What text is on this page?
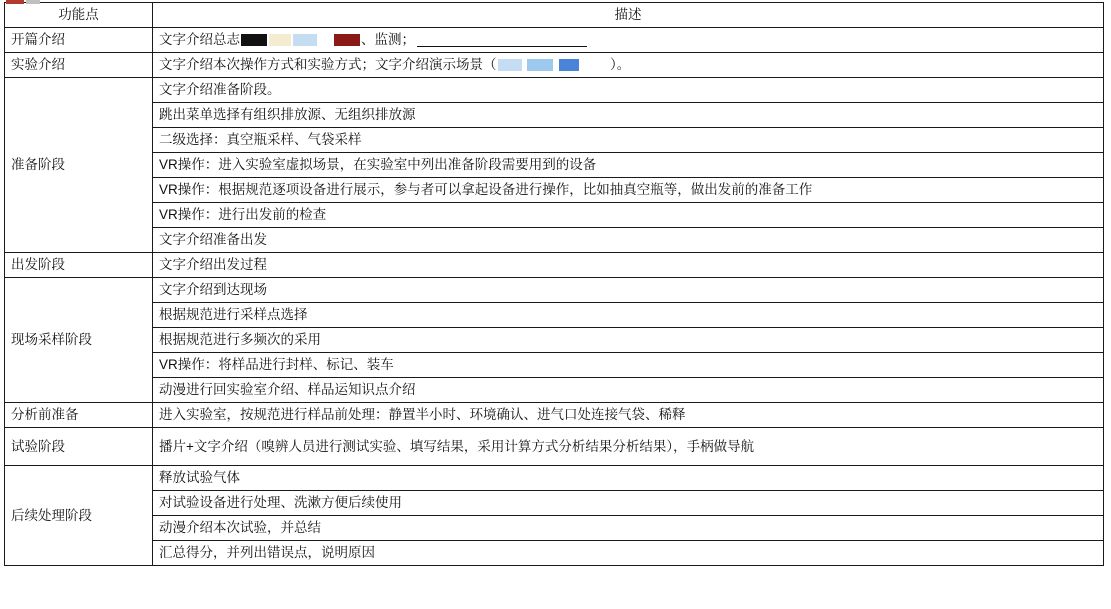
功能点	描述
开篇介绍	文字介绍总志 、监测；
实验介绍	文字介绍本次操作方式和实验方式；文字介绍演示场景（ ）。
准备阶段	文字介绍准备阶段。
	跳出菜单选择有组织排放源、无组织排放源
	二级选择：真空瓶采样、气袋采样
	VR操作：进入实验室虚拟场景，在实验室中列出准备阶段需要用到的设备
	VR操作：根据规范逐项设备进行展示，参与者可以拿起设备进行操作，比如抽真空瓶等，做出发前的准备工作
	VR操作：进行出发前的检查
	文字介绍准备出发
出发阶段	文字介绍出发过程
现场采样阶段	文字介绍到达现场
	根据规范进行采样点选择
	根据规范进行多频次的采用
	VR操作：将样品进行封样、标记、装车
	动漫进行回实验室介绍、样品运知识点介绍
分析前准备	进入实验室，按规范进行样品前处理：静置半小时、环境确认、进气口处连接气袋、稀释
试验阶段	播片+文字介绍（嗅辨人员进行测试实验、填写结果，采用计算方式分析结果分析结果），手柄做导航
后续处理阶段	释放试验气体
	对试验设备进行处理、洗漱方便后续使用
	动漫介绍本次试验，并总结
	汇总得分，并列出错误点，说明原因
